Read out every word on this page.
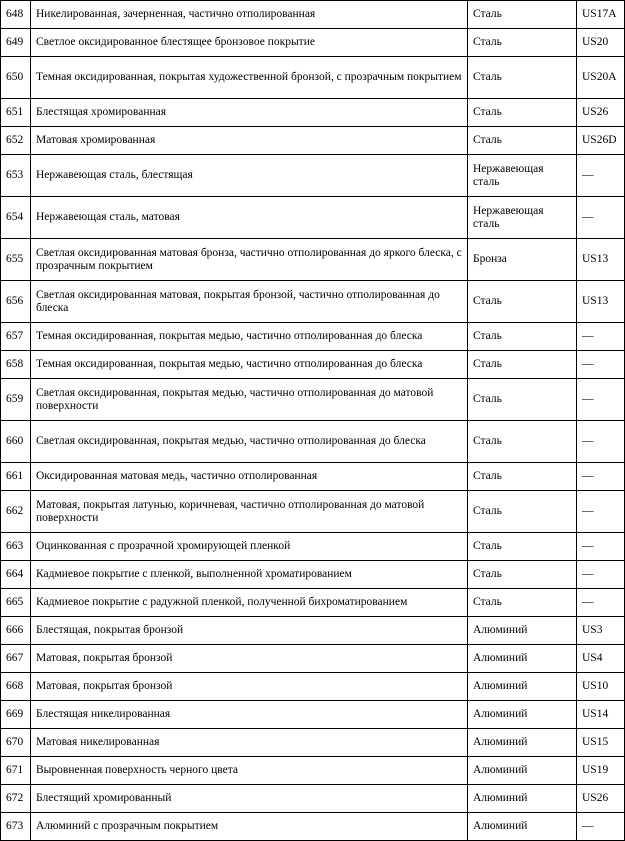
648	Никелированная, зачерненная, частично отполированная	Сталь	US17A
649	Светлое оксидированное блестящее бронзовое покрытие	Сталь	US20
650	Темная оксидированная, покрытая художественной бронзой, с прозрачным покрытием	Сталь	US20A
651	Блестящая хромированная	Сталь	US26
652	Матовая хромированная	Сталь	US26D
653	Нержавеющая сталь, блестящая	Нержавеющая сталь	—
654	Нержавеющая сталь, матовая	Нержавеющая сталь	—
655	Светлая оксидированная матовая бронза, частично отполированная до яркого блеска, с прозрачным покрытием	Бронза	US13
656	Светлая оксидированная матовая, покрытая бронзой, частично отполированная до блеска	Сталь	US13
657	Темная оксидированная, покрытая медью, частично отполированная до блеска	Сталь	—
658	Темная оксидированная, покрытая медью, частично отполированная до блеска	Сталь	—
659	Светлая оксидированная, покрытая медью, частично отполированная до матовой поверхности	Сталь	—
660	Светлая оксидированная, покрытая медью, частично отполированная до блеска	Сталь	—
661	Оксидированная матовая медь, частично отполированная	Сталь	—
662	Матовая, покрытая латунью, коричневая, частично отполированная до матовой поверхности	Сталь	—
663	Оцинкованная с прозрачной хромирующей пленкой	Сталь	—
664	Кадмиевое покрытие с пленкой, выполненной хроматированием	Сталь	—
665	Кадмиевое покрытие с радужной пленкой, полученной бихроматированием	Сталь	—
666	Блестящая, покрытая бронзой	Алюминий	US3
667	Матовая, покрытая бронзой	Алюминий	US4
668	Матовая, покрытая бронзой	Алюминий	US10
669	Блестящая никелированная	Алюминий	US14
670	Матовая никелированная	Алюминий	US15
671	Выровненная поверхность черного цвета	Алюминий	US19
672	Блестящий хромированный	Алюминий	US26
673	Алюминий с прозрачным покрытием	Алюминий	—
